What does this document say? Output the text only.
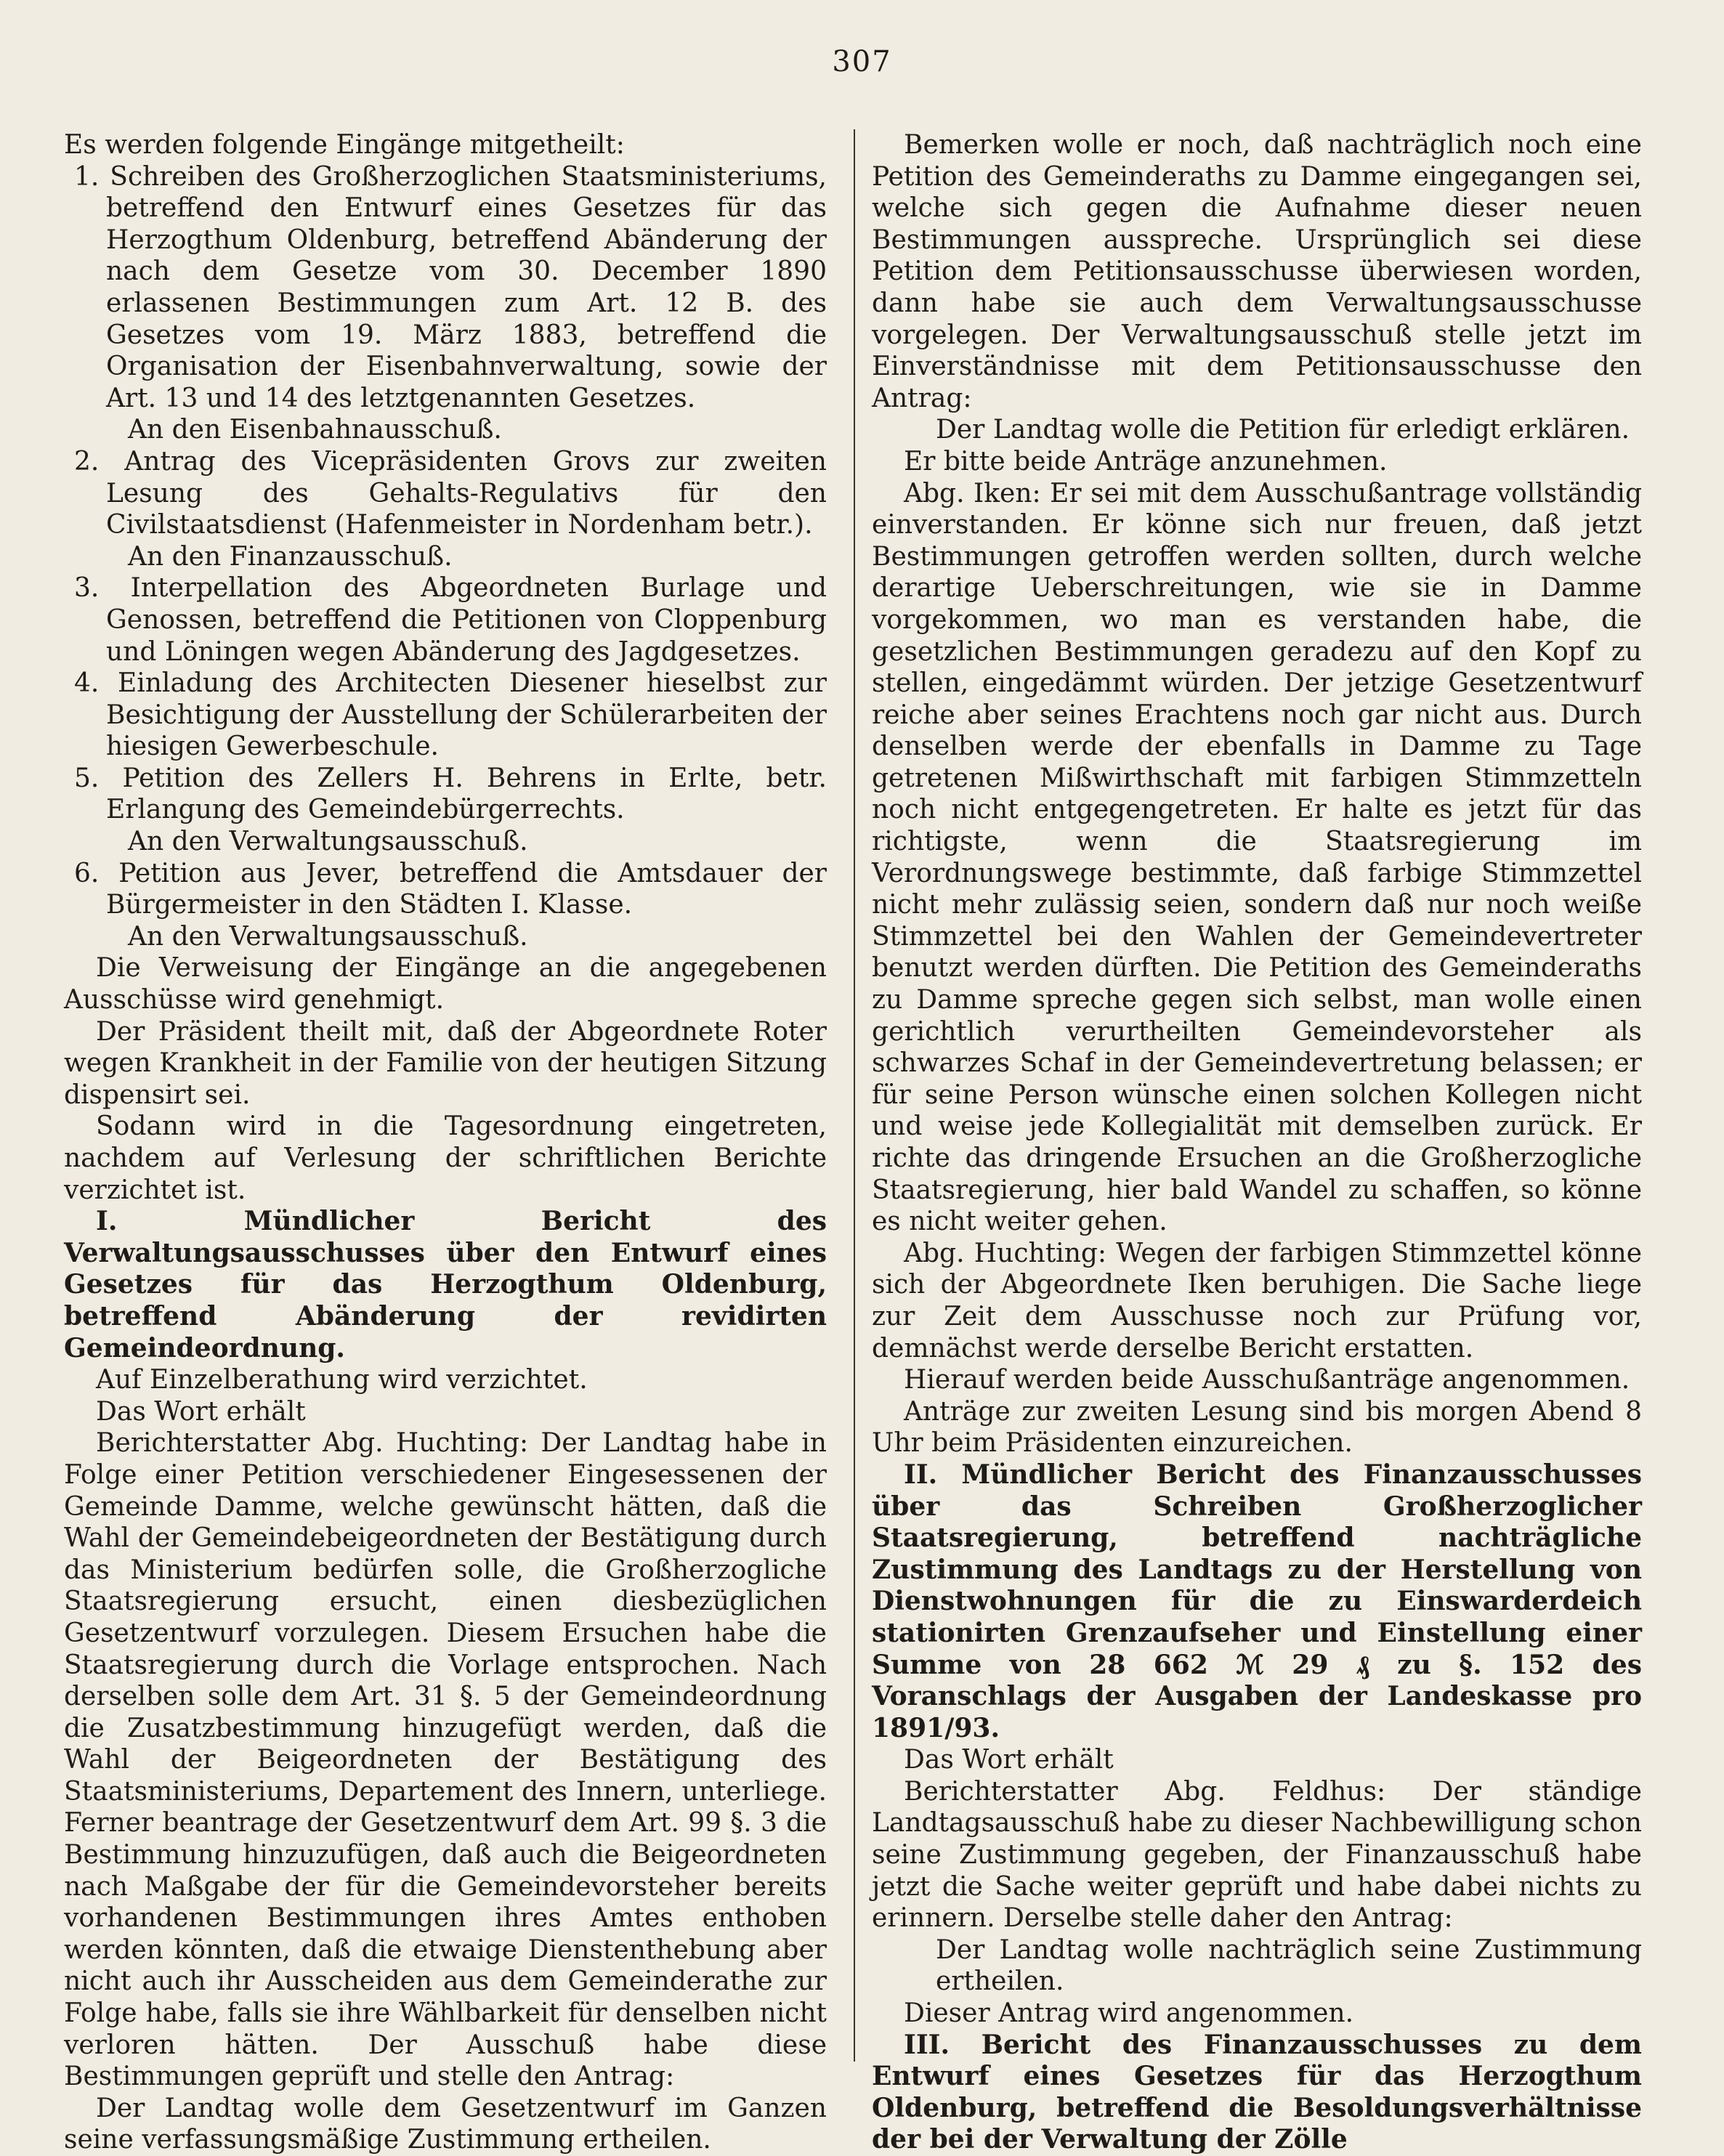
307

Es werden folgende Eingänge mitgetheilt:

1. Schreiben des Großherzoglichen Staatsministeriums, betreffend den Entwurf eines Gesetzes für das Herzogthum Oldenburg, betreffend Abänderung der nach dem Gesetze vom 30. December 1890 erlassenen Bestimmungen zum Art. 12 B. des Gesetzes vom 19. März 1883, betreffend die Organisation der Eisenbahnverwaltung, sowie der Art. 13 und 14 des letztgenannten Gesetzes.

An den Eisenbahnausschuß.

2. Antrag des Vicepräsidenten Grovs zur zweiten Lesung des Gehalts-Regulativs für den Civilstaatsdienst (Hafenmeister in Nordenham betr.).

An den Finanzausschuß.

3. Interpellation des Abgeordneten Burlage und Genossen, betreffend die Petitionen von Cloppenburg und Löningen wegen Abänderung des Jagdgesetzes.

4. Einladung des Architecten Diesener hieselbst zur Besichtigung der Ausstellung der Schülerarbeiten der hiesigen Gewerbeschule.

5. Petition des Zellers H. Behrens in Erlte, betr. Erlangung des Gemeindebürgerrechts.

An den Verwaltungsausschuß.

6. Petition aus Jever, betreffend die Amtsdauer der Bürgermeister in den Städten I. Klasse.

An den Verwaltungsausschuß.

Die Verweisung der Eingänge an die angegebenen Ausschüsse wird genehmigt.

Der Präsident theilt mit, daß der Abgeordnete Roter wegen Krankheit in der Familie von der heutigen Sitzung dispensirt sei.

Sodann wird in die Tagesordnung eingetreten, nachdem auf Verlesung der schriftlichen Berichte verzichtet ist.

I. Mündlicher Bericht des Verwaltungsausschusses über den Entwurf eines Gesetzes für das Herzogthum Oldenburg, betreffend Abänderung der revidirten Gemeindeordnung.

Auf Einzelberathung wird verzichtet.

Das Wort erhält

Berichterstatter Abg. Huchting: Der Landtag habe in Folge einer Petition verschiedener Eingesessenen der Gemeinde Damme, welche gewünscht hätten, daß die Wahl der Gemeindebeigeordneten der Bestätigung durch das Ministerium bedürfen solle, die Großherzogliche Staatsregierung ersucht, einen diesbezüglichen Gesetzentwurf vorzulegen. Diesem Ersuchen habe die Staatsregierung durch die Vorlage entsprochen. Nach derselben solle dem Art. 31 §. 5 der Gemeindeordnung die Zusatzbestimmung hinzugefügt werden, daß die Wahl der Beigeordneten der Bestätigung des Staatsministeriums, Departement des Innern, unterliege. Ferner beantrage der Gesetzentwurf dem Art. 99 §. 3 die Bestimmung hinzuzufügen, daß auch die Beigeordneten nach Maßgabe der für die Gemeindevorsteher bereits vorhandenen Bestimmungen ihres Amtes enthoben werden könnten, daß die etwaige Dienstenthebung aber nicht auch ihr Ausscheiden aus dem Gemeinderathe zur Folge habe, falls sie ihre Wählbarkeit für denselben nicht verloren hätten. Der Ausschuß habe diese Bestimmungen geprüft und stelle den Antrag:

Der Landtag wolle dem Gesetzentwurf im Ganzen seine verfassungsmäßige Zustimmung ertheilen.

Bemerken wolle er noch, daß nachträglich noch eine Petition des Gemeinderaths zu Damme eingegangen sei, welche sich gegen die Aufnahme dieser neuen Bestimmungen ausspreche. Ursprünglich sei diese Petition dem Petitionsausschusse überwiesen worden, dann habe sie auch dem Verwaltungsausschusse vorgelegen. Der Verwaltungsausschuß stelle jetzt im Einverständnisse mit dem Petitionsausschusse den Antrag:

Der Landtag wolle die Petition für erledigt erklären.

Er bitte beide Anträge anzunehmen.

Abg. Iken: Er sei mit dem Ausschußantrage vollständig einverstanden. Er könne sich nur freuen, daß jetzt Bestimmungen getroffen werden sollten, durch welche derartige Ueberschreitungen, wie sie in Damme vorgekommen, wo man es verstanden habe, die gesetzlichen Bestimmungen geradezu auf den Kopf zu stellen, eingedämmt würden. Der jetzige Gesetzentwurf reiche aber seines Erachtens noch gar nicht aus. Durch denselben werde der ebenfalls in Damme zu Tage getretenen Mißwirthschaft mit farbigen Stimmzetteln noch nicht entgegengetreten. Er halte es jetzt für das richtigste, wenn die Staatsregierung im Verordnungswege bestimmte, daß farbige Stimmzettel nicht mehr zulässig seien, sondern daß nur noch weiße Stimmzettel bei den Wahlen der Gemeindevertreter benutzt werden dürften. Die Petition des Gemeinderaths zu Damme spreche gegen sich selbst, man wolle einen gerichtlich verurtheilten Gemeindevorsteher als schwarzes Schaf in der Gemeindevertretung belassen; er für seine Person wünsche einen solchen Kollegen nicht und weise jede Kollegialität mit demselben zurück. Er richte das dringende Ersuchen an die Großherzogliche Staatsregierung, hier bald Wandel zu schaffen, so könne es nicht weiter gehen.

Abg. Huchting: Wegen der farbigen Stimmzettel könne sich der Abgeordnete Iken beruhigen. Die Sache liege zur Zeit dem Ausschusse noch zur Prüfung vor, demnächst werde derselbe Bericht erstatten.

Hierauf werden beide Ausschußanträge angenommen.

Anträge zur zweiten Lesung sind bis morgen Abend 8 Uhr beim Präsidenten einzureichen.

II. Mündlicher Bericht des Finanzausschusses über das Schreiben Großherzoglicher Staatsregierung, betreffend nachträgliche Zustimmung des Landtags zu der Herstellung von Dienstwohnungen für die zu Einswarderdeich stationirten Grenzaufseher und Einstellung einer Summe von 28 662 ℳ 29 ₰ zu §. 152 des Voranschlags der Ausgaben der Landeskasse pro 1891/93.

Das Wort erhält

Berichterstatter Abg. Feldhus: Der ständige Landtagsausschuß habe zu dieser Nachbewilligung schon seine Zustimmung gegeben, der Finanzausschuß habe jetzt die Sache weiter geprüft und habe dabei nichts zu erinnern. Derselbe stelle daher den Antrag:

Der Landtag wolle nachträglich seine Zustimmung ertheilen.

Dieser Antrag wird angenommen.

III. Bericht des Finanzausschusses zu dem Entwurf eines Gesetzes für das Herzogthum Oldenburg, betreffend die Besoldungsverhältnisse der bei der Verwaltung der Zölle
